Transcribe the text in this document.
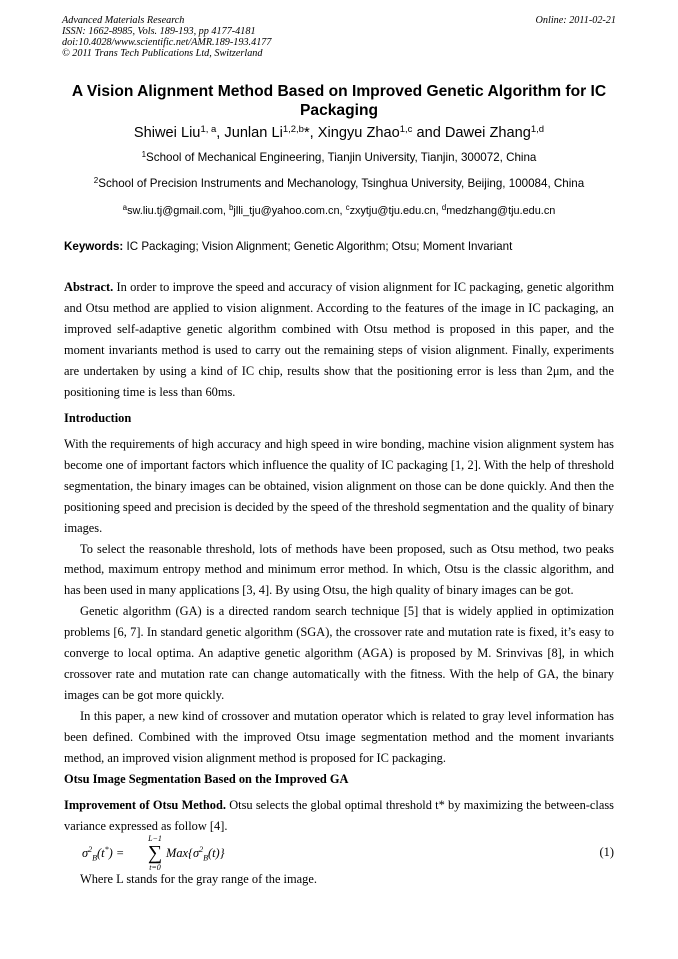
Advanced Materials Research
ISSN: 1662-8985, Vols. 189-193, pp 4177-4181
doi:10.4028/www.scientific.net/AMR.189-193.4177
© 2011 Trans Tech Publications Ltd, Switzerland
Online: 2011-02-21
A Vision Alignment Method Based on Improved Genetic Algorithm for IC Packaging
Shiwei Liu$^{1, a}$, Junlan Li$^{1,2,b}$*, Xingyu Zhao$^{1,c}$ and Dawei Zhang$^{1,d}$
$^1$School of Mechanical Engineering, Tianjin University, Tianjin, 300072, China
$^2$School of Precision Instruments and Mechanology, Tsinghua University, Beijing, 100084, China
$^a$sw.liu.tj@gmail.com, $^b$jlli_tju@yahoo.com.cn, $^c$zxytju@tju.edu.cn, $^d$medzhang@tju.edu.cn
Keywords: IC Packaging; Vision Alignment; Genetic Algorithm; Otsu; Moment Invariant

Abstract. In order to improve the speed and accuracy of vision alignment for IC packaging, genetic algorithm and Otsu method are applied to vision alignment. According to the features of the image in IC packaging, an improved self-adaptive genetic algorithm combined with Otsu method is proposed in this paper, and the moment invariants method is used to carry out the remaining steps of vision alignment. Finally, experiments are undertaken by using a kind of IC chip, results show that the positioning error is less than 2μm, and the positioning time is less than 60ms.

Introduction

With the requirements of high accuracy and high speed in wire bonding, machine vision alignment system has become one of important factors which influence the quality of IC packaging [1, 2]. With the help of threshold segmentation, the binary images can be obtained, vision alignment on those can be done quickly. And then the positioning speed and precision is decided by the speed of the threshold segmentation and the quality of binary images.

To select the reasonable threshold, lots of methods have been proposed, such as Otsu method, two peaks method, maximum entropy method and minimum error method. In which, Otsu is the classic algorithm, and has been used in many applications [3, 4]. By using Otsu, the high quality of binary images can be got.

Genetic algorithm (GA) is a directed random search technique [5] that is widely applied in optimization problems [6, 7]. In standard genetic algorithm (SGA), the crossover rate and mutation rate is fixed, it’s easy to converge to local optima. An adaptive genetic algorithm (AGA) is proposed by M. Srinvivas [8], in which crossover rate and mutation rate can change automatically with the fitness. With the help of GA, the binary images can be got more quickly.

In this paper, a new kind of crossover and mutation operator which is related to gray level information has been defined. Combined with the improved Otsu image segmentation method and the moment invariants method, an improved vision alignment method is proposed for IC packaging.

Otsu Image Segmentation Based on the Improved GA

Improvement of Otsu Method. Otsu selects the global optimal threshold t* by maximizing the between-class variance expressed as follow [4].

$\sigma^2_B(t^*)$ =
L−1
∑
t=0
$Max\{\sigma^2_B(t)\}$	(1)
Where L stands for the gray range of the image.
